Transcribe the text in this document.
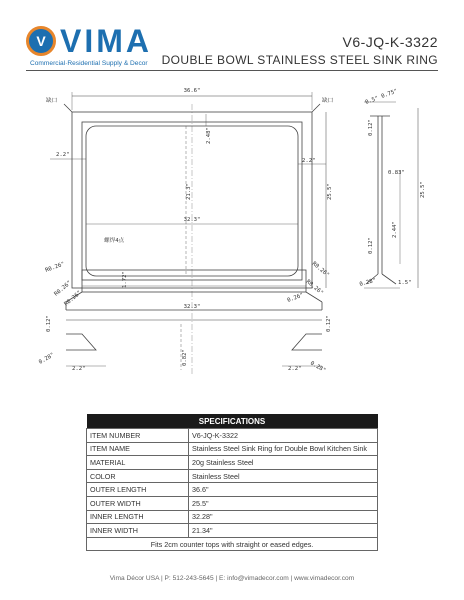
V VIMA
Commercial·Residential Supply & Decor
V6-JQ-K-3322
DOUBLE BOWL STAINLESS STEEL SINK RING
36.6"
25.5"
21.3"
32.3"
2.48"
2.2"
2.2"
螺焊4点
缺口	缺口
32.3"
1.72"
R0.26"
R0.26"
R0.26"
R0.26"
R0.26"
0.26"
0.12"
0.28"
2.2"
0.12"
0.28"
2.2"
0.82"
0.5"
0.75"
0.12"
0.83"
25.5"
2.44"
0.12"
0.28"	1.5"
SPECIFICATIONS	
ITEM NUMBER	V6-JQ-K-3322
ITEM NAME	Stainless Steel Sink Ring for Double Bowl Kitchen Sink
MATERIAL	20g Stainless Steel
COLOR	Stainless Steel
OUTER LENGTH	36.6"
OUTER WIDTH	25.5"
INNER LENGTH	32.28"
INNER WIDTH	21.34"
Fits 2cm counter tops with straight or eased edges.	
Vima Décor USA | P: 512-243-5645 | E: info@vimadecor.com | www.vimadecor.com
